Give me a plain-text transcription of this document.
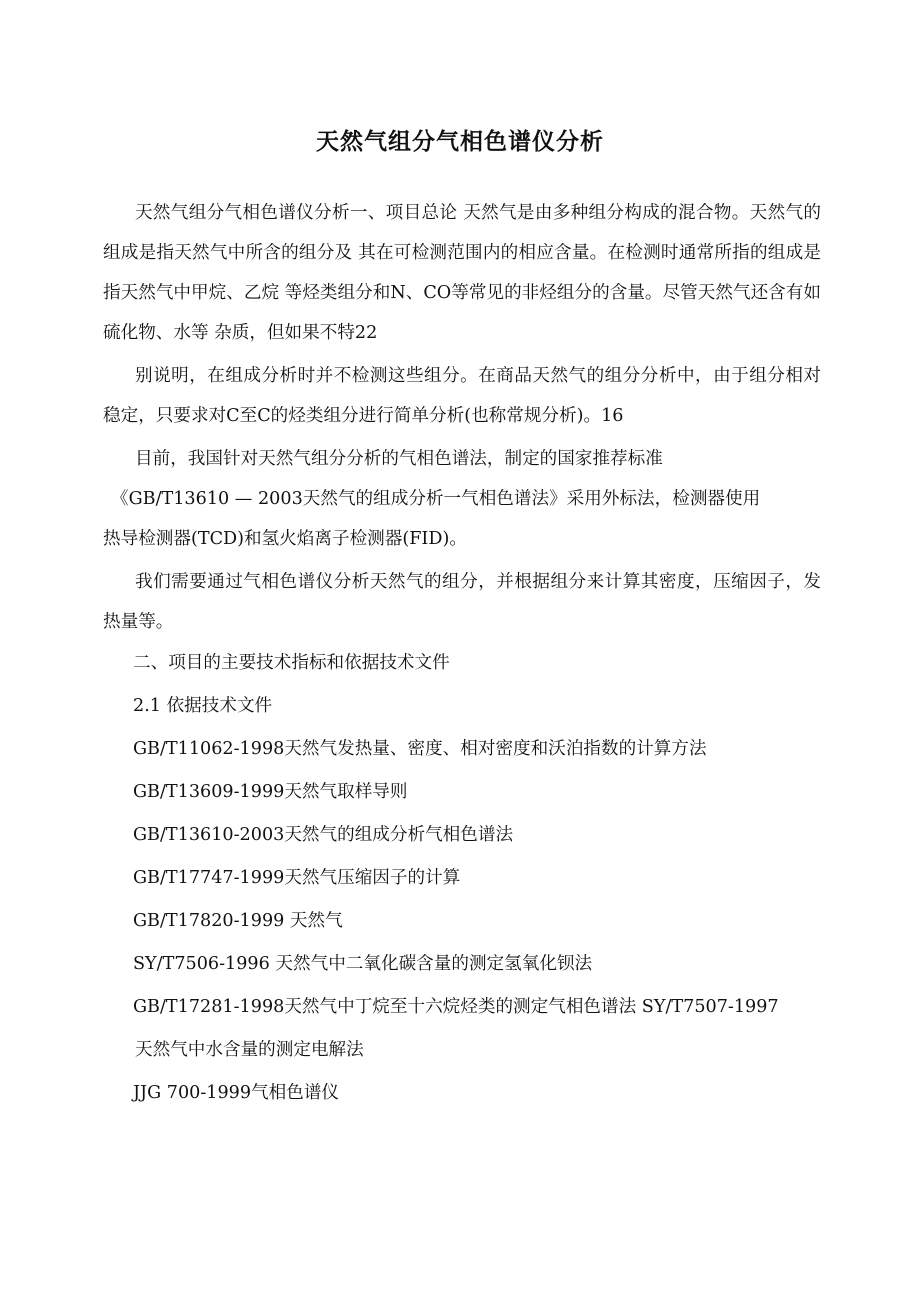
天然气组分气相色谱仪分析

天然气组分气相色谱仪分析一、项目总论 天然气是由多种组分构成的混合物。天然气的组成是指天然气中所含的组分及 其在可检测范围内的相应含量。在检测时通常所指的组成是指天然气中甲烷、乙烷 等烃类组分和N、CO等常见的非烃组分的含量。尽管天然气还含有如硫化物、水等 杂质，但如果不特22

别说明，在组成分析时并不检测这些组分。在商品天然气的组分分析中，由于组分相对稳定，只要求对C至C的烃类组分进行简单分析(也称常规分析)。16

目前，我国针对天然气组分分析的气相色谱法，制定的国家推荐标准

《GB/T13610 — 2003天然气的组成分析一气相色谱法》采用外标法，检测器使用

热导检测器(TCD)和氢火焰离子检测器(FID)。

我们需要通过气相色谱仪分析天然气的组分，并根据组分来计算其密度，压缩因子，发热量等。

二、项目的主要技术指标和依据技术文件

2.1 依据技术文件

GB/T11062-1998天然气发热量、密度、相对密度和沃泊指数的计算方法

GB/T13609-1999天然气取样导则

GB/T13610-2003天然气的组成分析气相色谱法

GB/T17747-1999天然气压缩因子的计算

GB/T17820-1999 天然气

SY/T7506-1996 天然气中二氧化碳含量的测定氢氧化钡法

GB/T17281-1998天然气中丁烷至十六烷烃类的测定气相色谱法 SY/T7507-1997

天然气中水含量的测定电解法

JJG 700-1999气相色谱仪
